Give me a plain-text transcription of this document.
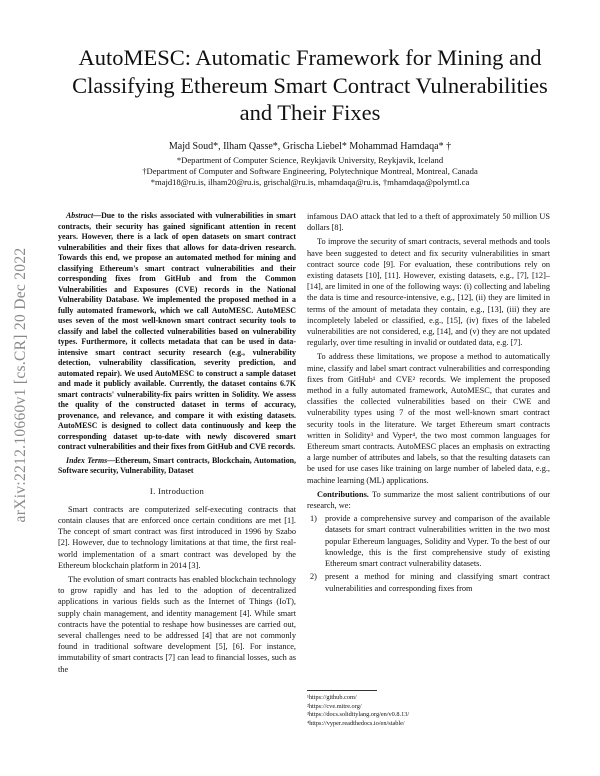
arXiv:2212.10660v1 [cs.CR] 20 Dec 2022
AutoMESC: Automatic Framework for Mining and
Classifying Ethereum Smart Contract Vulnerabilities
and Their Fixes
Majd Soud*, Ilham Qasse*, Grischa Liebel* Mohammad Hamdaqa* †
*Department of Computer Science, Reykjavik University, Reykjavik, Iceland
†Department of Computer and Software Engineering, Polytechnique Montreal, Montreal, Canada
*majd18@ru.is, ilham20@ru.is, grischal@ru.is, mhamdaqa@ru.is, †mhamdaqa@polymtl.ca

Abstract—Due to the risks associated with vulnerabilities in smart contracts, their security has gained significant attention in recent years. However, there is a lack of open datasets on smart contract vulnerabilities and their fixes that allows for data-driven research. Towards this end, we propose an automated method for mining and classifying Ethereum's smart contract vulnerabilities and their corresponding fixes from GitHub and from the Common Vulnerabilities and Exposures (CVE) records in the National Vulnerability Database. We implemented the proposed method in a fully automated framework, which we call AutoMESC. AutoMESC uses seven of the most well-known smart contract security tools to classify and label the collected vulnerabilities based on vulnerability types. Furthermore, it collects metadata that can be used in data-intensive smart contract security research (e.g., vulnerability detection, vulnerability classification, severity prediction, and automated repair). We used AutoMESC to construct a sample dataset and made it publicly available. Currently, the dataset contains 6.7K smart contracts' vulnerability-fix pairs written in Solidity. We assess the quality of the constructed dataset in terms of accuracy, provenance, and relevance, and compare it with existing datasets. AutoMESC is designed to collect data continuously and keep the corresponding dataset up-to-date with newly discovered smart contract vulnerabilities and their fixes from GitHub and CVE records.

Index Terms—Ethereum, Smart contracts, Blockchain, Automation, Software security, Vulnerability, Dataset

I. Introduction

Smart contracts are computerized self-executing contracts that contain clauses that are enforced once certain conditions are met [1]. The concept of smart contract was first introduced in 1996 by Szabo [2]. However, due to technology limitations at that time, the first real-world implementation of a smart contract was developed by the Ethereum blockchain platform in 2014 [3].

The evolution of smart contracts has enabled blockchain technology to grow rapidly and has led to the adoption of decentralized applications in various fields such as the Internet of Things (IoT), supply chain management, and identity management [4]. While smart contracts have the potential to reshape how businesses are carried out, several challenges need to be addressed [4] that are not commonly found in traditional software development [5], [6]. For instance, immutability of smart contracts [7] can lead to financial losses, such as the

infamous DAO attack that led to a theft of approximately 50 million US dollars [8].

To improve the security of smart contracts, several methods and tools have been suggested to detect and fix security vulnerabilities in smart contract source code [9]. For evaluation, these contributions rely on existing datasets [10], [11]. However, existing datasets, e.g., [7], [12]–[14], are limited in one of the following ways: (i) collecting and labeling the data is time and resource-intensive, e.g., [12], (ii) they are limited in terms of the amount of metadata they contain, e.g., [13], (iii) they are incompletely labeled or classified, e.g., [15], (iv) fixes of the labeled vulnerabilities are not considered, e.g, [14], and (v) they are not updated regularly, over time resulting in invalid or outdated data, e.g. [7].

To address these limitations, we propose a method to automatically mine, classify and label smart contract vulnerabilities and corresponding fixes from GitHub¹ and CVE² records. We implement the proposed method in a fully automated framework, AutoMESC, that curates and classifies the collected vulnerabilities based on their CWE and vulnerability types using 7 of the most well-known smart contract security tools in the literature. We target Ethereum smart contracts written in Solidity³ and Vyper⁴, the two most common languages for Ethereum smart contracts. AutoMESC places an emphasis on extracting a large number of attributes and labels, so that the resulting datasets can be used for use cases like training on large number of labeled data, e.g., machine learning (ML) applications.

Contributions. To summarize the most salient contributions of our research, we:

1) provide a comprehensive survey and comparison of the available datasets for smart contract vulnerabilities written in the two most popular Ethereum languages, Solidity and Vyper. To the best of our knowledge, this is the first comprehensive study of existing Ethereum smart contract vulnerability datasets.
2) present a method for mining and classifying smart contract vulnerabilities and corresponding fixes from
¹https://github.com/
²https://cve.mitre.org/
³https://docs.soliditylang.org/en/v0.8.13/
⁴https://vyper.readthedocs.io/en/stable/
